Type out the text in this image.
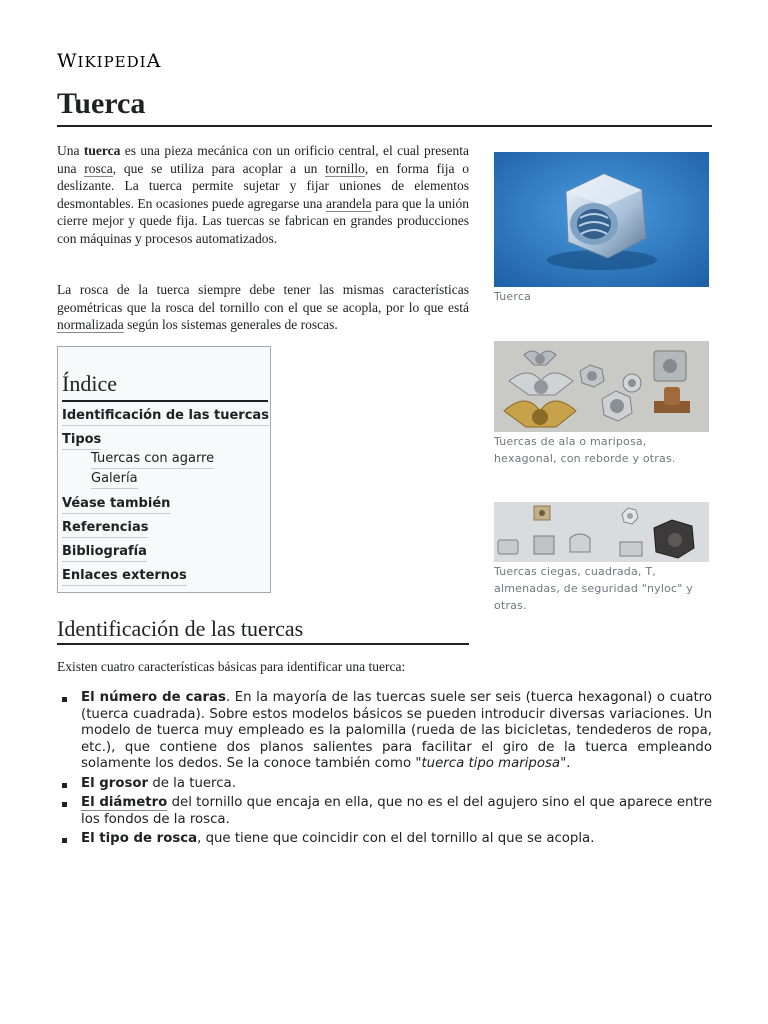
WIKIPEDIA
Tuerca

Una tuerca es una pieza mecánica con un orificio central, el cual presenta una rosca, que se utiliza para acoplar a un tornillo, en forma fija o deslizante. La tuerca permite sujetar y fijar uniones de elementos desmontables. En ocasiones puede agregarse una arandela para que la unión cierre mejor y quede fija. Las tuercas se fabrican en grandes producciones con máquinas y procesos automatizados.

La rosca de la tuerca siempre debe tener las mismas características geométricas que la rosca del tornillo con el que se acopla, por lo que está normalizada según los sistemas generales de roscas.

Tuerca
Tuercas de ala o mariposa, hexagonal, con reborde y otras.
Tuercas ciegas, cuadrada, T, almenadas, de seguridad "nyloc" y otras.
Índice
Identificación de las tuercas
Tipos
Tuercas con agarre
Galería
Véase también
Referencias
Bibliografía
Enlaces externos
Identificación de las tuercas

Existen cuatro características básicas para identificar una tuerca:

El número de caras. En la mayoría de las tuercas suele ser seis (tuerca hexagonal) o cuatro (tuerca cuadrada). Sobre estos modelos básicos se pueden introducir diversas variaciones. Un modelo de tuerca muy empleado es la palomilla (rueda de las bicicletas, tendederos de ropa, etc.), que contiene dos planos salientes para facilitar el giro de la tuerca empleando solamente los dedos. Se la conoce también como "tuerca tipo mariposa".
El grosor de la tuerca.
El diámetro del tornillo que encaja en ella, que no es el del agujero sino el que aparece entre los fondos de la rosca.
El tipo de rosca, que tiene que coincidir con el del tornillo al que se acopla.
